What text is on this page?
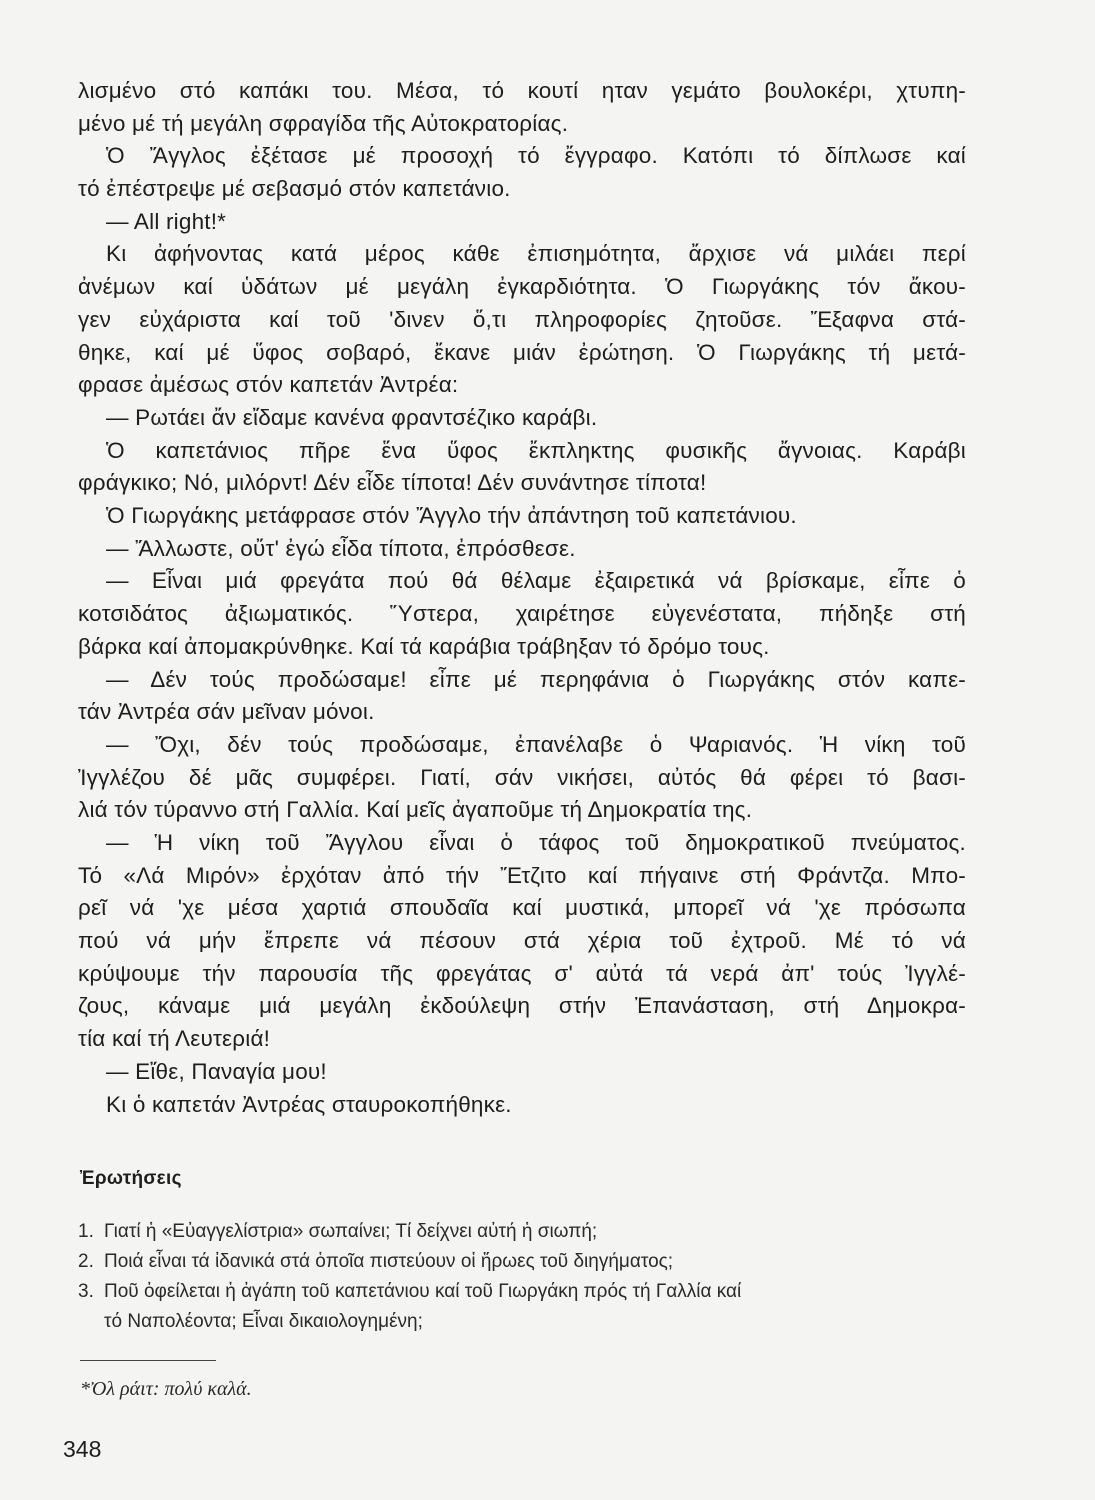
λισμένο στό καπάκι του. Μέσα, τό κουτί ηταν γεμάτο βουλοκέρι, χτυπη-
μένο μέ τή μεγάλη σφραγίδα τῆς Αὐτοκρατορίας.
Ὁ Ἄγγλος ἐξέτασε μέ προσοχή τό ἔγγραφο. Κατόπι τό δίπλωσε καί
τό ἐπέστρεψε μέ σεβασμό στόν καπετάνιο.
— All right!*
Κι ἀφήνοντας κατά μέρος κάθε ἐπισημότητα, ἄρχισε νά μιλάει περί
ἀνέμων καί ὑδάτων μέ μεγάλη ἐγκαρδιότητα. Ὁ Γιωργάκης τόν ἄκου-
γεν εὐχάριστα καί τοῦ 'δινεν ὅ,τι πληροφορίες ζητοῦσε. Ἔξαφνα στά-
θηκε, καί μέ ὕφος σοβαρό, ἔκανε μιάν ἐρώτηση. Ὁ Γιωργάκης τή μετά-
φρασε ἀμέσως στόν καπετάν Ἀντρέα:
— Ρωτάει ἄν εἴδαμε κανένα φραντσέζικο καράβι.
Ὁ καπετάνιος πῆρε ἕνα ὕφος ἔκπληκτης φυσικῆς ἄγνοιας. Καράβι
φράγκικο; Νό, μιλόρντ! Δέν εἶδε τίποτα! Δέν συνάντησε τίποτα!
Ὁ Γιωργάκης μετάφρασε στόν Ἄγγλο τήν ἀπάντηση τοῦ καπετάνιου.
— Ἄλλωστε, οὔτ' ἐγώ εἶδα τίποτα, ἐπρόσθεσε.
— Εἶναι μιά φρεγάτα πού θά θέλαμε ἐξαιρετικά νά βρίσκαμε, εἶπε ὁ
κοτσιδάτος ἀξιωματικός. Ὕστερα, χαιρέτησε εὐγενέστατα, πήδηξε στή
βάρκα καί ἀπομακρύνθηκε. Καί τά καράβια τράβηξαν τό δρόμο τους.
— Δέν τούς προδώσαμε! εἶπε μέ περηφάνια ὁ Γιωργάκης στόν καπε-
τάν Ἀντρέα σάν μεῖναν μόνοι.
— Ὄχι, δέν τούς προδώσαμε, ἐπανέλαβε ὁ Ψαριανός. Ἡ νίκη τοῦ
Ἰγγλέζου δέ μᾶς συμφέρει. Γιατί, σάν νικήσει, αὐτός θά φέρει τό βασι-
λιά τόν τύραννο στή Γαλλία. Καί μεῖς ἀγαποῦμε τή Δημοκρατία της.
— Ἡ νίκη τοῦ Ἄγγλου εἶναι ὁ τάφος τοῦ δημοκρατικοῦ πνεύματος.
Τό «Λά Μιρόν» ἐρχόταν ἀπό τήν Ἔτζιτο καί πήγαινε στή Φράντζα. Μπο-
ρεῖ νά 'χε μέσα χαρτιά σπουδαῖα καί μυστικά, μπορεῖ νά 'χε πρόσωπα
πού νά μήν ἔπρεπε νά πέσουν στά χέρια τοῦ ἐχτροῦ. Μέ τό νά
κρύψουμε τήν παρουσία τῆς φρεγάτας σ' αὐτά τά νερά ἀπ' τούς Ἰγγλέ-
ζους, κάναμε μιά μεγάλη ἐκδούλεψη στήν Ἐπανάσταση, στή Δημοκρα-
τία καί τή Λευτεριά!
— Εἴθε, Παναγία μου!
Κι ὁ καπετάν Ἀντρέας σταυροκοπήθηκε.
Ἐρωτήσεις
1. Γιατί ἡ «Εὐαγγελίστρια» σωπαίνει; Τί δείχνει αὐτή ἡ σιωπή;
2. Ποιά εἶναι τά ἰδανικά στά ὁποῖα πιστεύουν οἱ ἥρωες τοῦ διηγήματος;
3. Ποῦ ὀφείλεται ἡ ἀγάπη τοῦ καπετάνιου καί τοῦ Γιωργάκη πρός τή Γαλλία καί
τό Ναπολέοντα; Εἶναι δικαιολογημένη;
*Ὀλ ράιτ: πολύ καλά.
348
